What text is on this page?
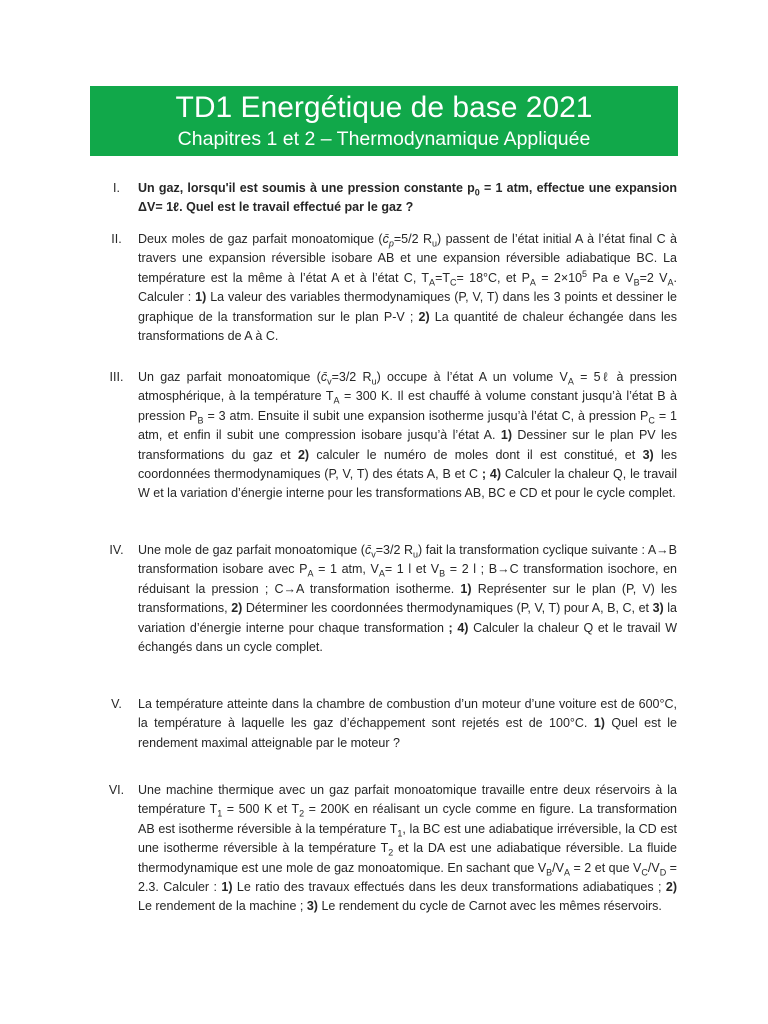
TD1 Energétique de base 2021
Chapitres 1 et 2 – Thermodynamique Appliquée
I.	Un gaz, lorsqu'il est soumis à une pression constante $p_0 = 1$ atm, effectue une expansion ΔV= 1ℓ. Quel est le travail effectué par le gaz ?
II.	Deux moles de gaz parfait monoatomique ($c̄_p=5/2$ $R_u$) passent de l’état initial A à l’état final C à travers une expansion réversible isobare AB et une expansion réversible adiabatique BC. La température est la même à l’état A et à l’état C, $T_A=T_C= 18^\circ C$, et $P_A = 2\times 10^5$ Pa e $V_B=2$ $V_A$. Calculer : 1) La valeur des variables thermodynamiques (P, V, T) dans les 3 points et dessiner le graphique de la transformation sur le plan P-V ; 2) La quantité de chaleur échangée dans les transformations de A à C.
III.	Un gaz parfait monoatomique ($c̄_v=3/2$ $R_u$) occupe à l’état A un volume $V_A$ = 5ℓ à pression atmosphérique, à la température $T_A = 300$ K. Il est chauffé à volume constant jusqu’à l’état B à pression $P_B = 3$ atm. Ensuite il subit une expansion isotherme jusqu’à l’état C, à pression $P_C = 1$ atm, et enfin il subit une compression isobare jusqu’à l’état A. 1) Dessiner sur le plan PV les transformations du gaz et 2) calculer le numéro de moles dont il est constitué, et 3) les coordonnées thermodynamiques (P, V, T) des états A, B et C ; 4) Calculer la chaleur Q, le travail W et la variation d’énergie interne pour les transformations AB, BC e CD et pour le cycle complet.
IV.	Une mole de gaz parfait monoatomique ($c̄_v=3/2$ $R_u$) fait la transformation cyclique suivante : A→B transformation isobare avec $P_A = 1$ atm, $V_A= 1$ l et $V_B = 2$ l ; B→C transformation isochore, en réduisant la pression ; C→A transformation isotherme. 1) Représenter sur le plan (P, V) les transformations, 2) Déterminer les coordonnées thermodynamiques (P, V, T) pour A, B, C, et 3) la variation d’énergie interne pour chaque transformation ; 4) Calculer la chaleur Q et le travail W échangés dans un cycle complet.
V.	La température atteinte dans la chambre de combustion d’un moteur d’une voiture est de 600°C, la température à laquelle les gaz d’échappement sont rejetés est de 100°C. 1) Quel est le rendement maximal atteignable par le moteur ?
VI.	Une machine thermique avec un gaz parfait monoatomique travaille entre deux réservoirs à la température $T_1 = 500$ K et $T_2 = 200K$ en réalisant un cycle comme en figure. La transformation AB est isotherme réversible à la température $T_1$, la BC est une adiabatique irréversible, la CD est une isotherme réversible à la température $T_2$ et la DA est une adiabatique réversible. La fluide thermodynamique est une mole de gaz monoatomique. En sachant que $V_B/V_A = 2$ et que $V_C/V_D = 2.3$. Calculer : 1) Le ratio des travaux effectués dans les deux transformations adiabatiques ; 2) Le rendement de la machine ; 3) Le rendement du cycle de Carnot avec les mêmes réservoirs.
